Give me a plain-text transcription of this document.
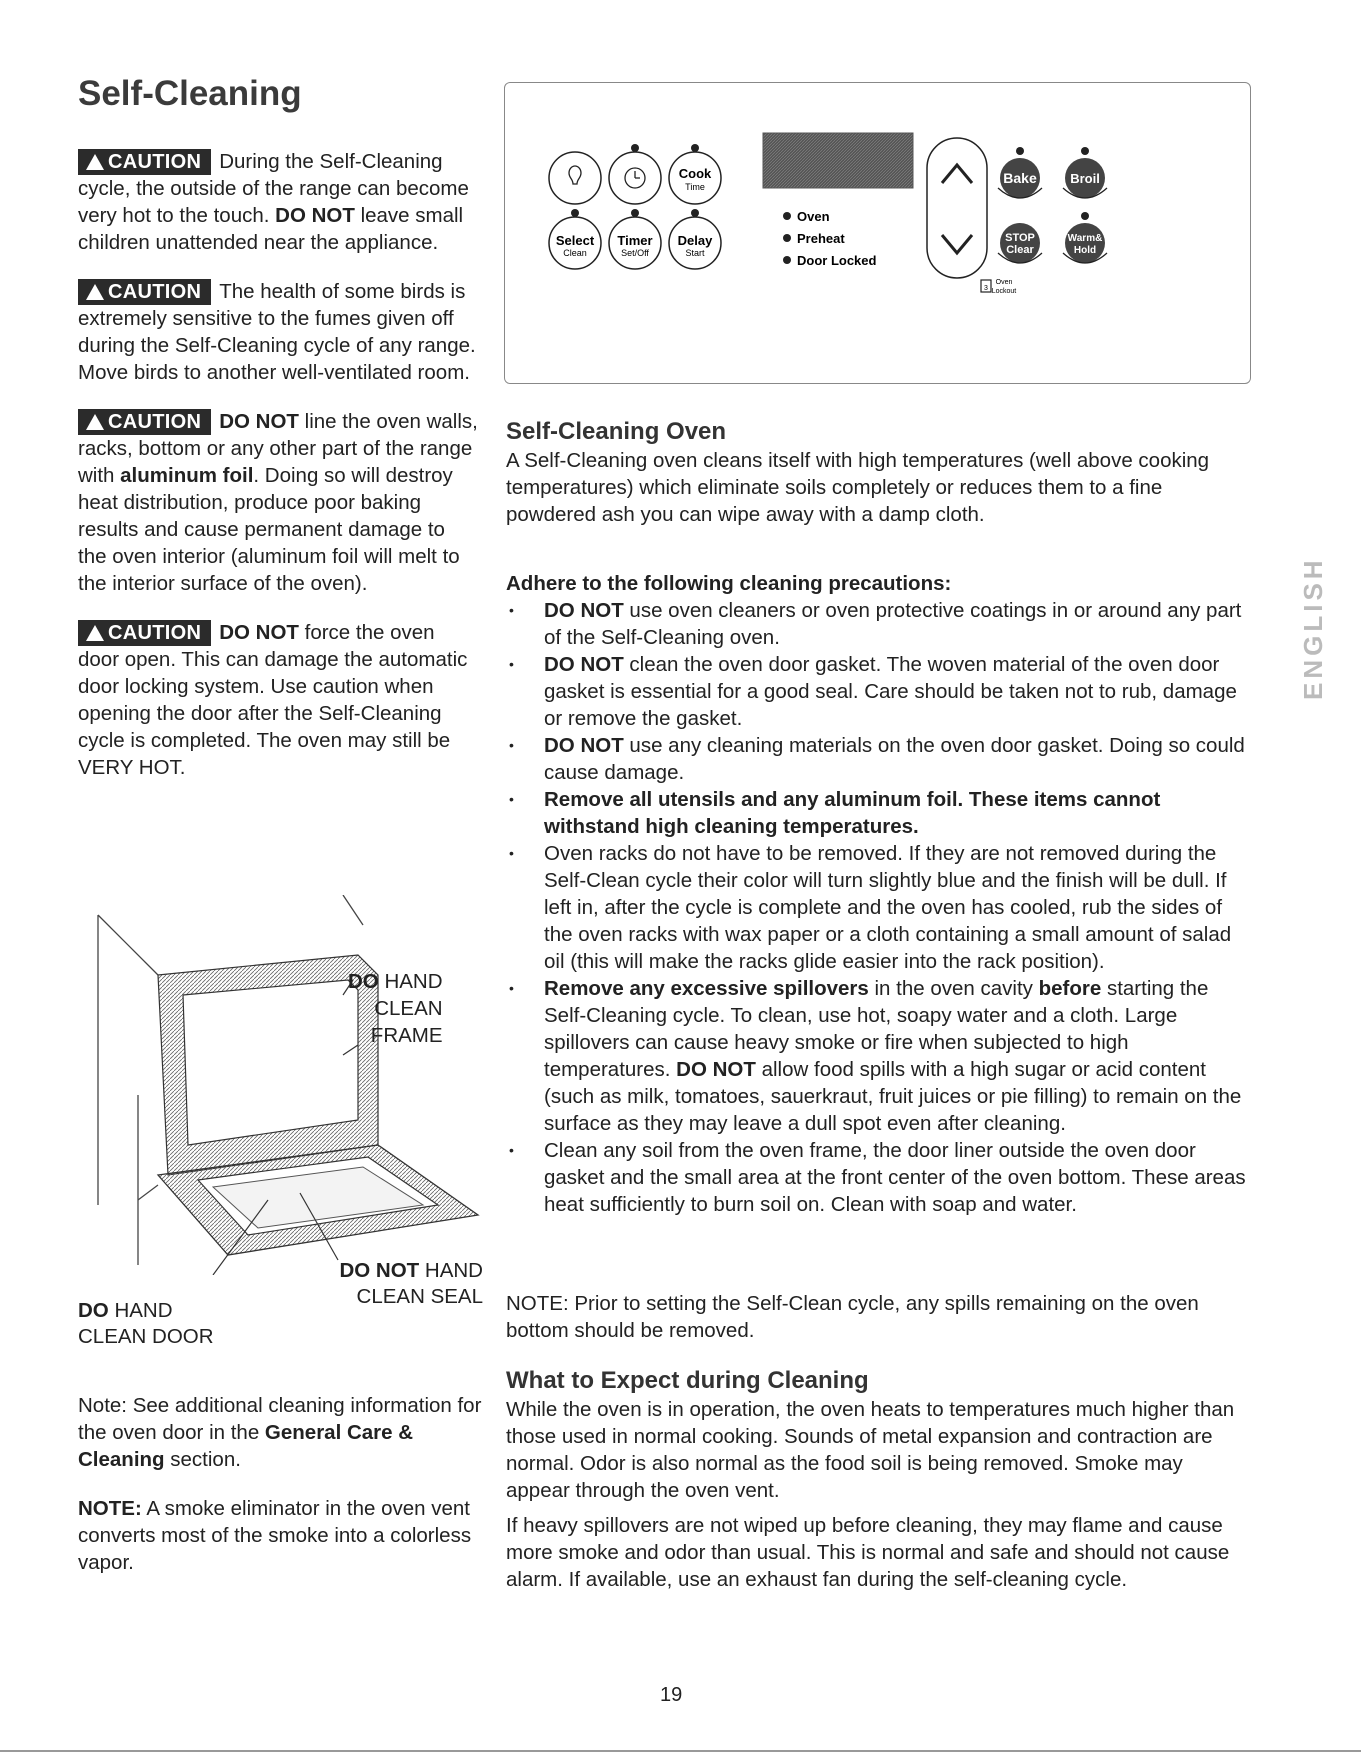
Self-Cleaning

CAUTION During the Self-Cleaning cycle, the outside of the range can become very hot to the touch. DO NOT leave small children unattended near the appliance.

CAUTION The health of some birds is extremely sensitive to the fumes given off during the Self-Cleaning cycle of any range. Move birds to another well-ventilated room.

CAUTION DO NOT line the oven walls, racks, bottom or any other part of the range with aluminum foil. Doing so will destroy heat distribution, produce poor baking results and cause permanent damage to the oven interior (aluminum foil will melt to the interior surface of the oven).

CAUTION DO NOT force the oven door open. This can damage the automatic door locking system. Use caution when opening the door after the Self-Cleaning cycle is completed. The oven may still be VERY HOT.

DO HAND
CLEAN
FRAME
DO NOT HAND
CLEAN SEAL
DO HAND
CLEAN DOOR

Note: See additional cleaning information for the oven door in the General Care & Cleaning section.

NOTE: A smoke eliminator in the oven vent converts most of the smoke into a colorless vapor.

Cook
Time
Select
Clean
Timer
Set/Off
Delay
Start
Oven
Preheat
Door Locked
Bake	Broil
STOP
Clear
Warm&
Hold
3
Oven
Lockout
Self-Cleaning Oven

A Self-Cleaning oven cleans itself with high temperatures (well above cooking temperatures) which eliminate soils completely or reduces them to a fine powdered ash you can wipe away with a damp cloth.

Adhere to the following cleaning precautions:

• DO NOT use oven cleaners or oven protective coatings in or around any part of the Self-Cleaning oven.
• DO NOT clean the oven door gasket. The woven material of the oven door gasket is essential for a good seal. Care should be taken not to rub, damage or remove the gasket.
• DO NOT use any cleaning materials on the oven door gasket. Doing so could cause damage.
• Remove all utensils and any aluminum foil. These items cannot withstand high cleaning temperatures.
• Oven racks do not have to be removed. If they are not removed during the Self-Clean cycle their color will turn slightly blue and the finish will be dull. If left in, after the cycle is complete and the oven has cooled, rub the sides of the oven racks with wax paper or a cloth containing a small amount of salad oil (this will make the racks glide easier into the rack position).
• Remove any excessive spillovers in the oven cavity before starting the Self-Cleaning cycle. To clean, use hot, soapy water and a cloth. Large spillovers can cause heavy smoke or fire when subjected to high temperatures. DO NOT allow food spills with a high sugar or acid content (such as milk, tomatoes, sauerkraut, fruit juices or pie filling) to remain on the surface as they may leave a dull spot even after cleaning.
• Clean any soil from the oven frame, the door liner outside the oven door gasket and the small area at the front center of the oven bottom. These areas heat sufficiently to burn soil on. Clean with soap and water.
NOTE: Prior to setting the Self-Clean cycle, any spills remaining on the oven bottom should be removed.
What to Expect during Cleaning

While the oven is in operation, the oven heats to temperatures much higher than those used in normal cooking. Sounds of metal expansion and contraction are normal. Odor is also normal as the food soil is being removed. Smoke may appear through the oven vent.

If heavy spillovers are not wiped up before cleaning, they may flame and cause more smoke and odor than usual. This is normal and safe and should not cause alarm. If available, use an exhaust fan during the self-cleaning cycle.

ENGLISH
19
